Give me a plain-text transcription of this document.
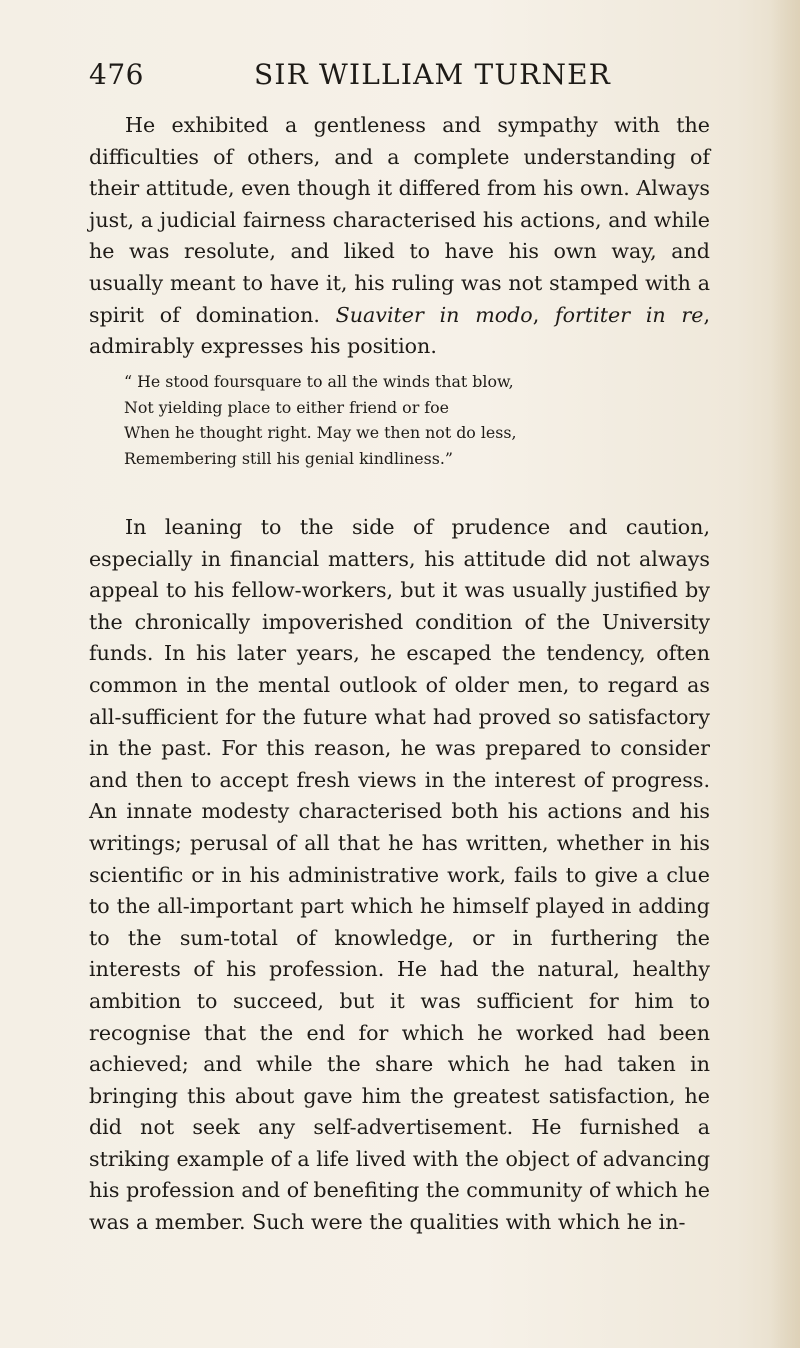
476	SIR WILLIAM TURNER

He exhibited a gentleness and sympathy with the difficulties of others, and a complete understanding of their attitude, even though it differed from his own. Always just, a judicial fairness characterised his actions, and while he was resolute, and liked to have his own way, and usually meant to have it, his ruling was not stamped with a spirit of domination. Suaviter in modo, fortiter in re, admirably expresses his position.

“ He stood foursquare to all the winds that blow,
Not yielding place to either friend or foe
When he thought right. May we then not do less,
Remembering still his genial kindliness.”

In leaning to the side of prudence and caution, especially in financial matters, his attitude did not always appeal to his fellow-workers, but it was usually justified by the chronically impoverished condition of the University funds. In his later years, he escaped the tendency, often common in the mental outlook of older men, to regard as all-sufficient for the future what had proved so satisfactory in the past. For this reason, he was prepared to consider and then to accept fresh views in the interest of progress. An innate modesty characterised both his actions and his writings; perusal of all that he has written, whether in his scientific or in his administrative work, fails to give a clue to the all-important part which he himself played in adding to the sum-total of knowledge, or in furthering the interests of his profession. He had the natural, healthy ambition to succeed, but it was sufficient for him to recognise that the end for which he worked had been achieved; and while the share which he had taken in bringing this about gave him the greatest satisfaction, he did not seek any self-advertisement. He furnished a striking example of a life lived with the object of advancing his profession and of benefiting the community of which he was a member. Such were the qualities with which he in-
